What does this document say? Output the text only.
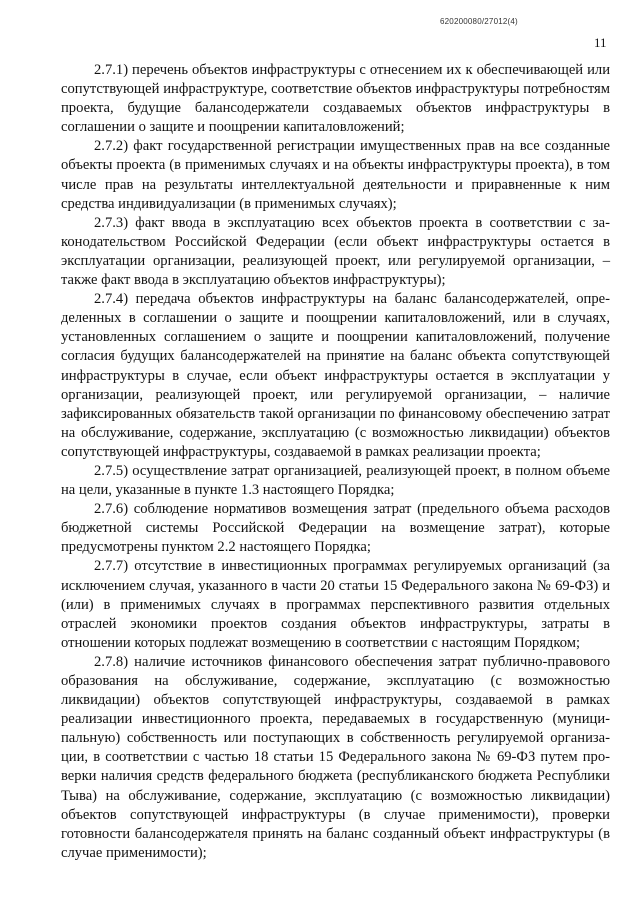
620200080/27012(4)
11

2.7.1) перечень объектов инфраструктуры с отнесением их к обеспечивающей или сопутствующей инфраструктуре, соответствие объектов инфраструктуры потребностям проекта, будущие балансодержатели создаваемых объектов инфраструктуры в соглашении о защите и поощрении капиталовложений;

2.7.2) факт государственной регистрации имущественных прав на все созданные объекты проекта (в применимых случаях и на объекты инфраструктуры проекта), в том числе прав на результаты интеллектуальной деятельности и приравненные к ним средства индивидуализации (в применимых случаях);

2.7.3) факт ввода в эксплуатацию всех объектов проекта в соответствии с законодательством Российской Федерации (если объект инфраструктуры остается в эксплуатации организации, реализующей проект, или регулируемой организации, – также факт ввода в эксплуатацию объектов инфраструктуры);

2.7.4) передача объектов инфраструктуры на баланс балансодержателей, определенных в соглашении о защите и поощрении капиталовложений, или в случаях, установленных соглашением о защите и поощрении капиталовложений, получение согласия будущих балансодержателей на принятие на баланс объекта сопутствующей инфраструктуры в случае, если объект инфраструктуры остается в эксплуатации у организации, реализующей проект, или регулируемой организации, – наличие зафиксированных обязательств такой организации по финансовому обеспечению затрат на обслуживание, содержание, эксплуатацию (с возможностью ликвидации) объектов сопутствующей инфраструктуры, создаваемой в рамках реализации проекта;

2.7.5) осуществление затрат организацией, реализующей проект, в полном объеме на цели, указанные в пункте 1.3 настоящего Порядка;

2.7.6) соблюдение нормативов возмещения затрат (предельного объема расходов бюджетной системы Российской Федерации на возмещение затрат), которые предусмотрены пунктом 2.2 настоящего Порядка;

2.7.7) отсутствие в инвестиционных программах регулируемых организаций (за исключением случая, указанного в части 20 статьи 15 Федерального закона № 69-ФЗ) и (или) в применимых случаях в программах перспективного развития отдельных отраслей экономики проектов создания объектов инфраструктуры, затраты в отношении которых подлежат возмещению в соответствии с настоящим Порядком;

2.7.8) наличие источников финансового обеспечения затрат публично-правового образования на обслуживание, содержание, эксплуатацию (с возможностью ликвидации) объектов сопутствующей инфраструктуры, создаваемой в рамках реализации инвестиционного проекта, передаваемых в государственную (муниципальную) собственность или поступающих в собственность регулируемой организации, в соответствии с частью 18 статьи 15 Федерального закона № 69-ФЗ путем проверки наличия средств федерального бюджета (республиканского бюджета Республики Тыва) на обслуживание, содержание, эксплуатацию (с возможностью ликвидации) объектов сопутствующей инфраструктуры (в случае применимости), проверки готовности балансодержателя принять на баланс созданный объект инфраструктуры (в случае применимости);
